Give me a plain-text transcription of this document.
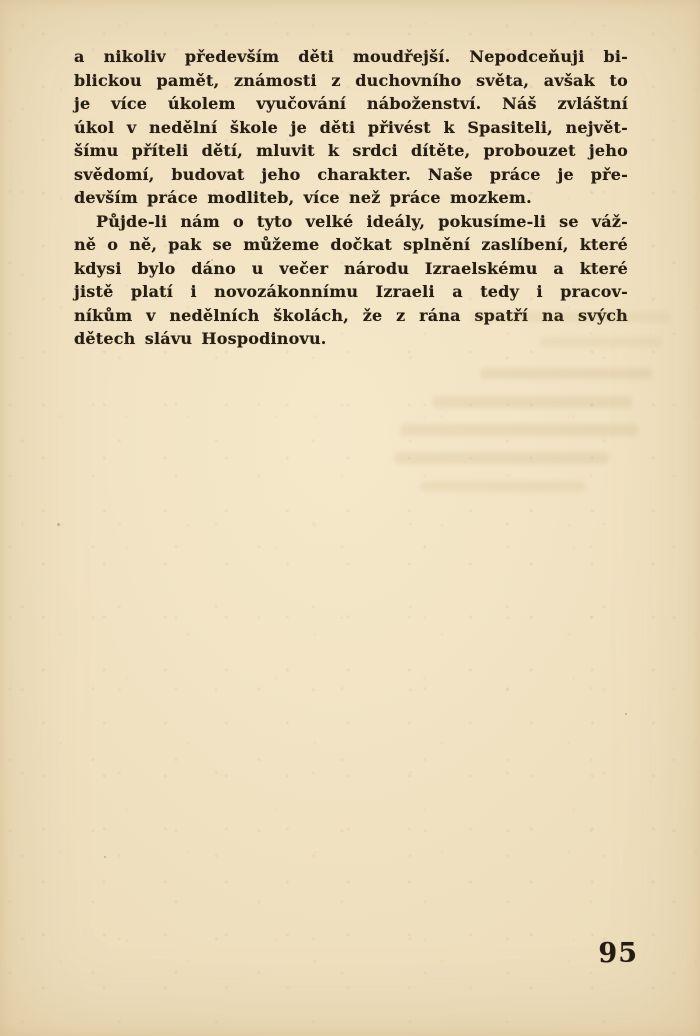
a nikoliv především děti moudřejší. Nepodceňuji bi-
blickou pamět, známosti z duchovního světa, avšak to
je více úkolem vyučování náboženství. Náš zvláštní
úkol v nedělní škole je děti přivést k Spasiteli, největ-
šímu příteli dětí, mluvit k srdci dítěte, probouzet jeho
svědomí, budovat jeho charakter. Naše práce je pře-
devším práce modliteb, více než práce mozkem.

Půjde-li nám o tyto velké ideály, pokusíme-li se váž-
ně o ně, pak se můžeme dočkat splnění zaslíbení, které
kdysi bylo dáno u večer národu Izraelskému a které
jistě platí i novozákonnímu Izraeli a tedy i pracov-
níkům v nedělních školách, že z rána spatří na svých
dětech slávu Hospodinovu.

95
